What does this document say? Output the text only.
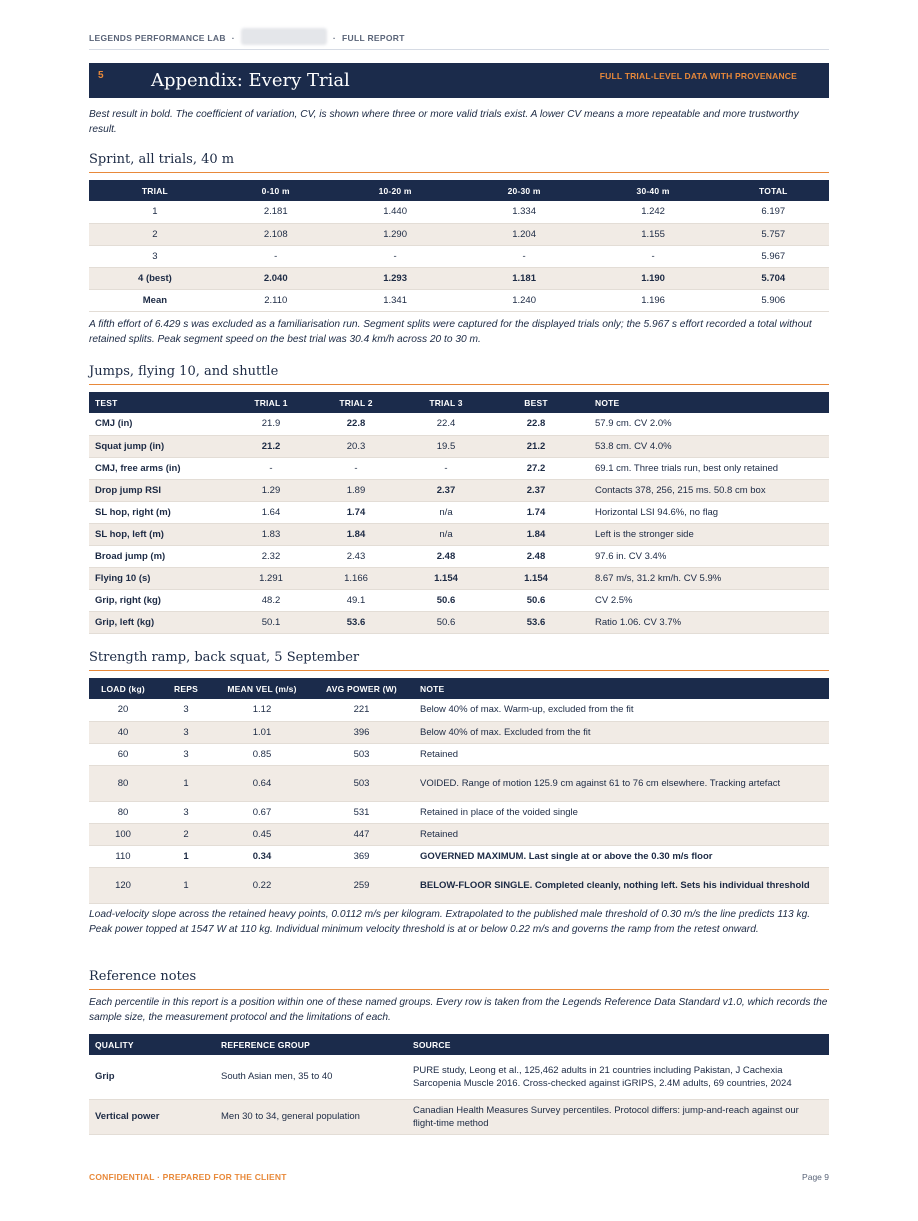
LEGENDS PERFORMANCE LAB ·	· FULL REPORT
5	Appendix: Every Trial	FULL TRIAL-LEVEL DATA WITH PROVENANCE

Best result in bold. The coefficient of variation, CV, is shown where three or more valid trials exist. A lower CV means a more repeatable and more trustworthy result.

Sprint, all trials, 40 m
TRIAL	0-10 m	10-20 m	20-30 m	30-40 m	TOTAL
1	2.181	1.440	1.334	1.242	6.197
2	2.108	1.290	1.204	1.155	5.757
3	-	-	-	-	5.967
4 (best)	2.040	1.293	1.181	1.190	5.704
Mean	2.110	1.341	1.240	1.196	5.906

A fifth effort of 6.429 s was excluded as a familiarisation run. Segment splits were captured for the displayed trials only; the 5.967 s effort recorded a total without retained splits. Peak segment speed on the best trial was 30.4 km/h across 20 to 30 m.

Jumps, flying 10, and shuttle
TEST	TRIAL 1	TRIAL 2	TRIAL 3	BEST	NOTE
CMJ (in)	21.9	22.8	22.4	22.8	57.9 cm. CV 2.0%
Squat jump (in)	21.2	20.3	19.5	21.2	53.8 cm. CV 4.0%
CMJ, free arms (in)	-	-	-	27.2	69.1 cm. Three trials run, best only retained
Drop jump RSI	1.29	1.89	2.37	2.37	Contacts 378, 256, 215 ms. 50.8 cm box
SL hop, right (m)	1.64	1.74	n/a	1.74	Horizontal LSI 94.6%, no flag
SL hop, left (m)	1.83	1.84	n/a	1.84	Left is the stronger side
Broad jump (m)	2.32	2.43	2.48	2.48	97.6 in. CV 3.4%
Flying 10 (s)	1.291	1.166	1.154	1.154	8.67 m/s, 31.2 km/h. CV 5.9%
Grip, right (kg)	48.2	49.1	50.6	50.6	CV 2.5%
Grip, left (kg)	50.1	53.6	50.6	53.6	Ratio 1.06. CV 3.7%
Strength ramp, back squat, 5 September
LOAD (kg)	REPS	MEAN VEL (m/s)	AVG POWER (W)	NOTE
20	3	1.12	221	Below 40% of max. Warm-up, excluded from the fit
40	3	1.01	396	Below 40% of max. Excluded from the fit
60	3	0.85	503	Retained
80	1	0.64	503	VOIDED. Range of motion 125.9 cm against 61 to 76 cm elsewhere. Tracking artefact
80	3	0.67	531	Retained in place of the voided single
100	2	0.45	447	Retained
110	1	0.34	369	GOVERNED MAXIMUM. Last single at or above the 0.30 m/s floor
120	1	0.22	259	BELOW-FLOOR SINGLE. Completed cleanly, nothing left. Sets his individual threshold

Load-velocity slope across the retained heavy points, 0.0112 m/s per kilogram. Extrapolated to the published male threshold of 0.30 m/s the line predicts 113 kg. Peak power topped at 1547 W at 110 kg. Individual minimum velocity threshold is at or below 0.22 m/s and governs the ramp from the retest onward.

Reference notes

Each percentile in this report is a position within one of these named groups. Every row is taken from the Legends Reference Data Standard v1.0, which records the sample size, the measurement protocol and the limitations of each.

QUALITY	REFERENCE GROUP	SOURCE
Grip	South Asian men, 35 to 40	PURE study, Leong et al., 125,462 adults in 21 countries including Pakistan, J Cachexia Sarcopenia Muscle 2016. Cross-checked against iGRIPS, 2.4M adults, 69 countries, 2024
Vertical power	Men 30 to 34, general population	Canadian Health Measures Survey percentiles. Protocol differs: jump-and-reach against our flight-time method
CONFIDENTIAL · PREPARED FOR THE CLIENT	Page 9
